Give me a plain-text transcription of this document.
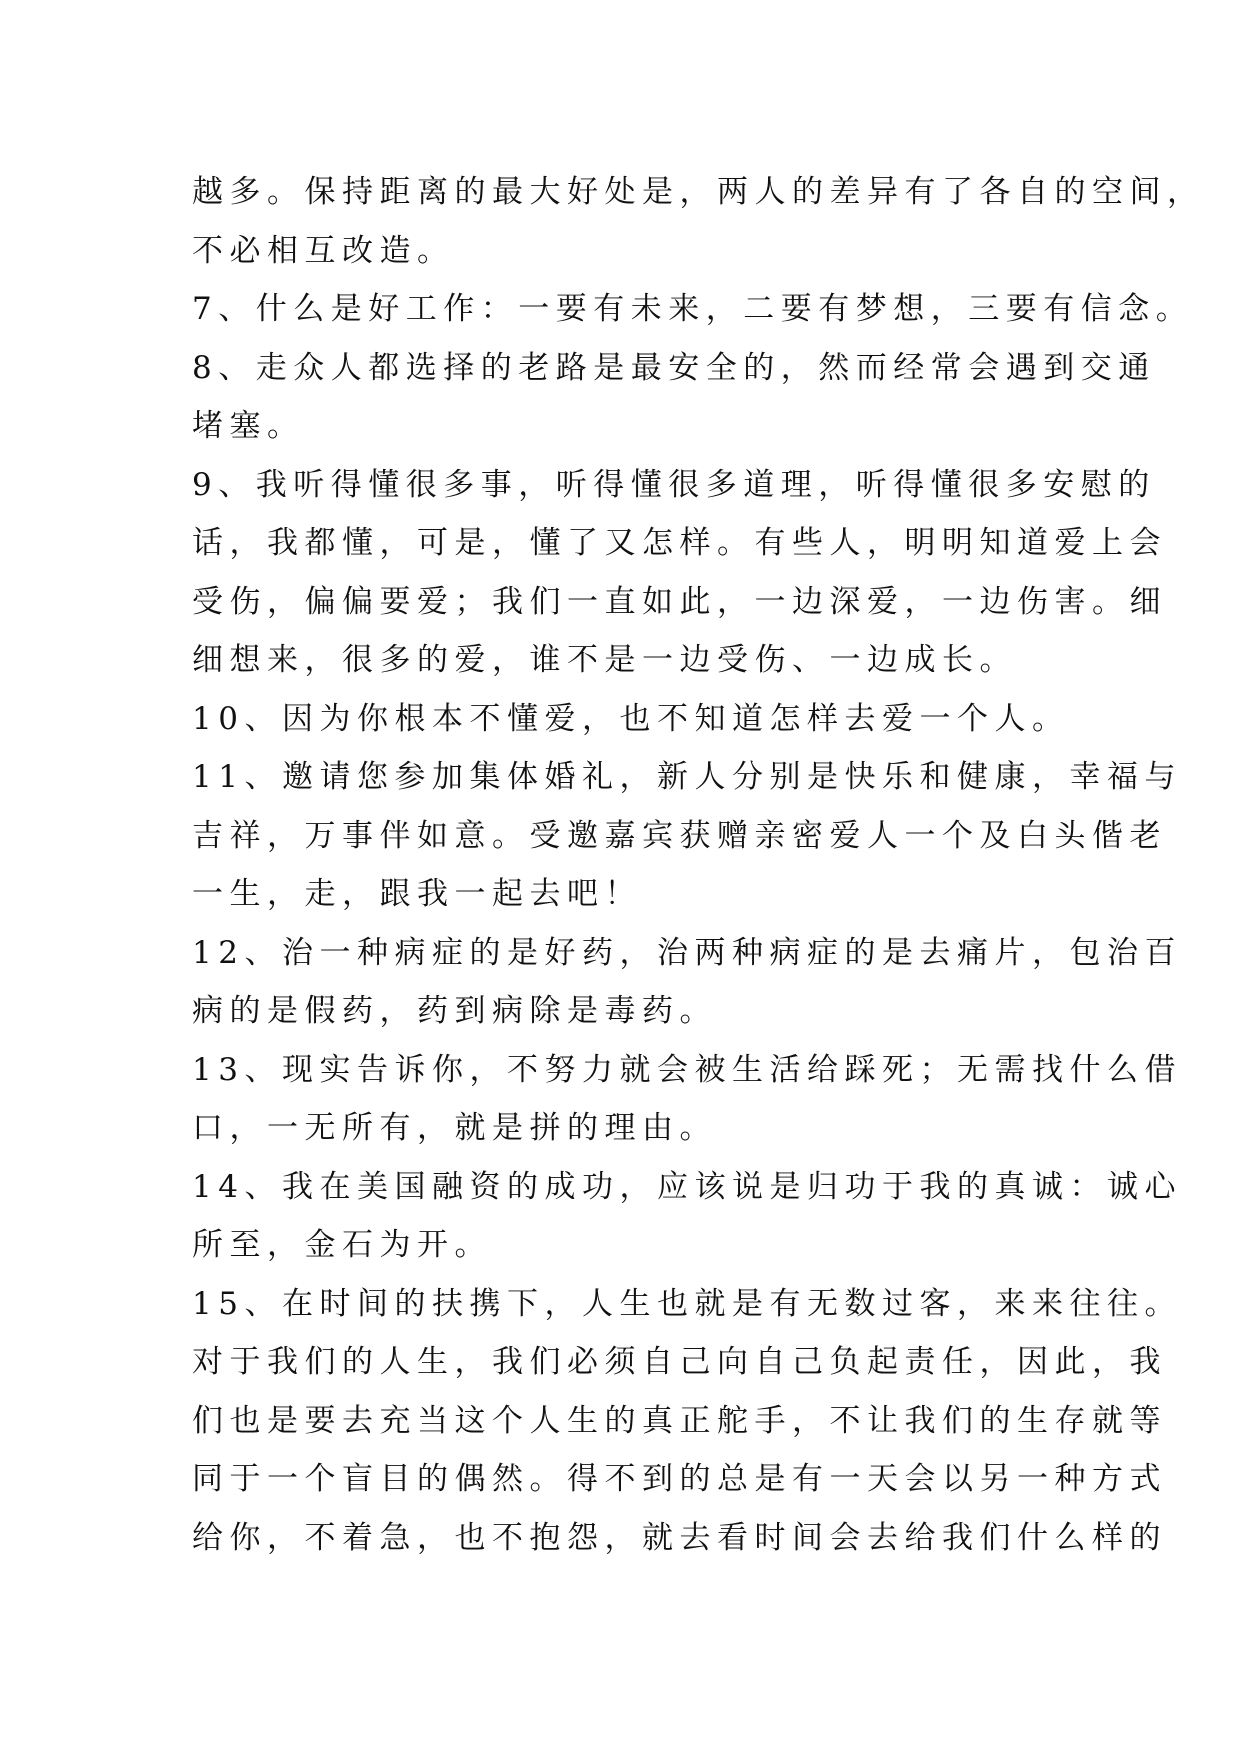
越多。保持距离的最大好处是，两人的差异有了各自的空间，
不必相互改造。
7、什么是好工作：一要有未来，二要有梦想，三要有信念。
8、走众人都选择的老路是最安全的，然而经常会遇到交通
堵塞。
9、我听得懂很多事，听得懂很多道理，听得懂很多安慰的
话，我都懂，可是，懂了又怎样。有些人，明明知道爱上会
受伤，偏偏要爱；我们一直如此，一边深爱，一边伤害。细
细想来，很多的爱，谁不是一边受伤、一边成长。
10、因为你根本不懂爱，也不知道怎样去爱一个人。
11、邀请您参加集体婚礼，新人分别是快乐和健康，幸福与
吉祥，万事伴如意。受邀嘉宾获赠亲密爱人一个及白头偕老
一生，走，跟我一起去吧！
12、治一种病症的是好药，治两种病症的是去痛片，包治百
病的是假药，药到病除是毒药。
13、现实告诉你，不努力就会被生活给踩死；无需找什么借
口，一无所有，就是拼的理由。
14、我在美国融资的成功，应该说是归功于我的真诚：诚心
所至，金石为开。
15、在时间的扶携下，人生也就是有无数过客，来来往往。
对于我们的人生，我们必须自己向自己负起责任，因此，我
们也是要去充当这个人生的真正舵手，不让我们的生存就等
同于一个盲目的偶然。得不到的总是有一天会以另一种方式
给你，不着急，也不抱怨，就去看时间会去给我们什么样的
